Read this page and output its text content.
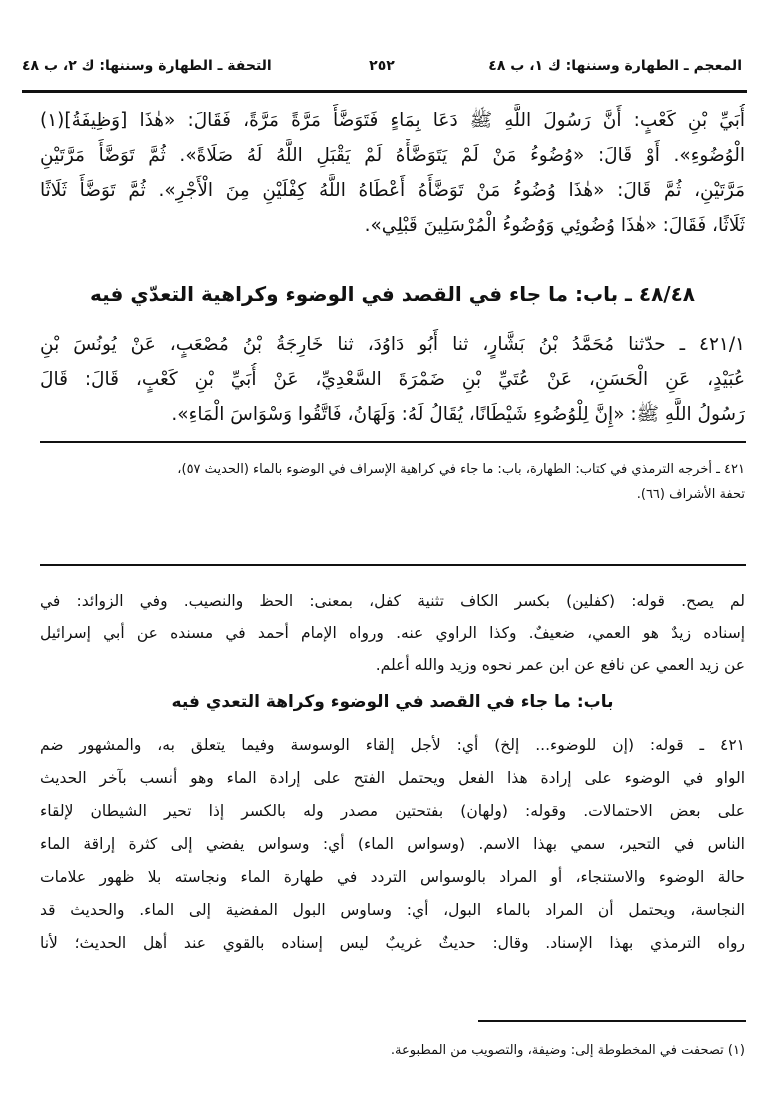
المعجم ـ الطهارة وسننها: ك ١، ب ٤٨
٢٥٢
التحفة ـ الطهارة وسننها: ك ٢، ب ٤٨
أُبَيِّ بْنِ كَعْبٍ: أَنَّ رَسُولَ اللَّهِ ﷺ دَعَا بِمَاءٍ فَتَوَضَّأَ مَرَّةً مَرَّةً، فَقَالَ: «هٰذَا [وَظِيفَةُ](١)
الْوُضُوءِ». أَوْ قَالَ: «وُضُوءُ مَنْ لَمْ يَتَوَضَّأْهُ لَمْ يَقْبَلِ اللَّهُ لَهُ صَلَاةً». ثُمَّ تَوَضَّأَ مَرَّتَيْنِ
مَرَّتَيْنِ، ثُمَّ قَالَ: «هٰذَا وُضُوءُ مَنْ تَوَضَّأَهُ أَعْطَاهُ اللَّهُ كِفْلَيْنِ مِنَ الْأَجْرِ». ثُمَّ تَوَضَّأَ ثَلَاثًا
ثَلَاثًا، فَقَالَ: «هٰذَا وُضُوئِي وَوُضُوءُ الْمُرْسَلِينَ قَبْلِي».
٤٨/٤٨ ـ باب: ما جاء في القصد في الوضوء وكراهية التعدّي فيه
٤٢١/١ ـ حدّثنا مُحَمَّدُ بْنُ بَشَّارٍ، ثنا أَبُو دَاوُدَ، ثنا خَارِجَةُ بْنُ مُصْعَبٍ، عَنْ يُونُسَ بْنِ
عُبَيْدٍ، عَنِ الْحَسَنِ، عَنْ عُتَيِّ بْنِ ضَمْرَةَ السَّعْدِيِّ، عَنْ أُبَيِّ بْنِ كَعْبٍ، قَالَ: قَالَ
رَسُولُ اللَّهِ ﷺ: «إِنَّ لِلْوُضُوءِ شَيْطَانًا، يُقَالُ لَهُ: وَلَهَانُ، فَاتَّقُوا وَسْوَاسَ الْمَاءِ».
٤٢١ ـ أخرجه الترمذي في كتاب: الطهارة، باب: ما جاء في كراهية الإسراف في الوضوء بالماء (الحديث ٥٧)،
تحفة الأشراف (٦٦).
لم يصح. قوله: (كفلين) بكسر الكاف تثنية كفل، بمعنى: الحظ والنصيب. وفي الزوائد: في
إسناده زيدٌ هو العمي، ضعيفٌ. وكذا الراوي عنه. ورواه الإمام أحمد في مسنده عن أبي إسرائيل
عن زيد العمي عن نافع عن ابن عمر نحوه وزيد والله أعلم.
باب: ما جاء في القصد في الوضوء وكراهة التعدي فيه
٤٢١ ـ قوله: (إن للوضوء... إلخ) أي: لأجل إلقاء الوسوسة وفيما يتعلق به، والمشهور ضم
الواو في الوضوء على إرادة هذا الفعل ويحتمل الفتح على إرادة الماء وهو أنسب بآخر الحديث
على بعض الاحتمالات. وقوله: (ولهان) بفتحتين مصدر وله بالكسر إذا تحير الشيطان لإلقاء
الناس في التحير، سمي بهذا الاسم. (وسواس الماء) أي: وسواس يفضي إلى كثرة إراقة الماء
حالة الوضوء والاستنجاء، أو المراد بالوسواس التردد في طهارة الماء ونجاسته بلا ظهور علامات
النجاسة، ويحتمل أن المراد بالماء البول، أي: وساوس البول المفضية إلى الماء. والحديث قد
رواه الترمذي بهذا الإسناد. وقال: حديثٌ غريبٌ ليس إسناده بالقوي عند أهل الحديث؛ لأنا
(١) تصحفت في المخطوطة إلى: وضيفة، والتصويب من المطبوعة.
